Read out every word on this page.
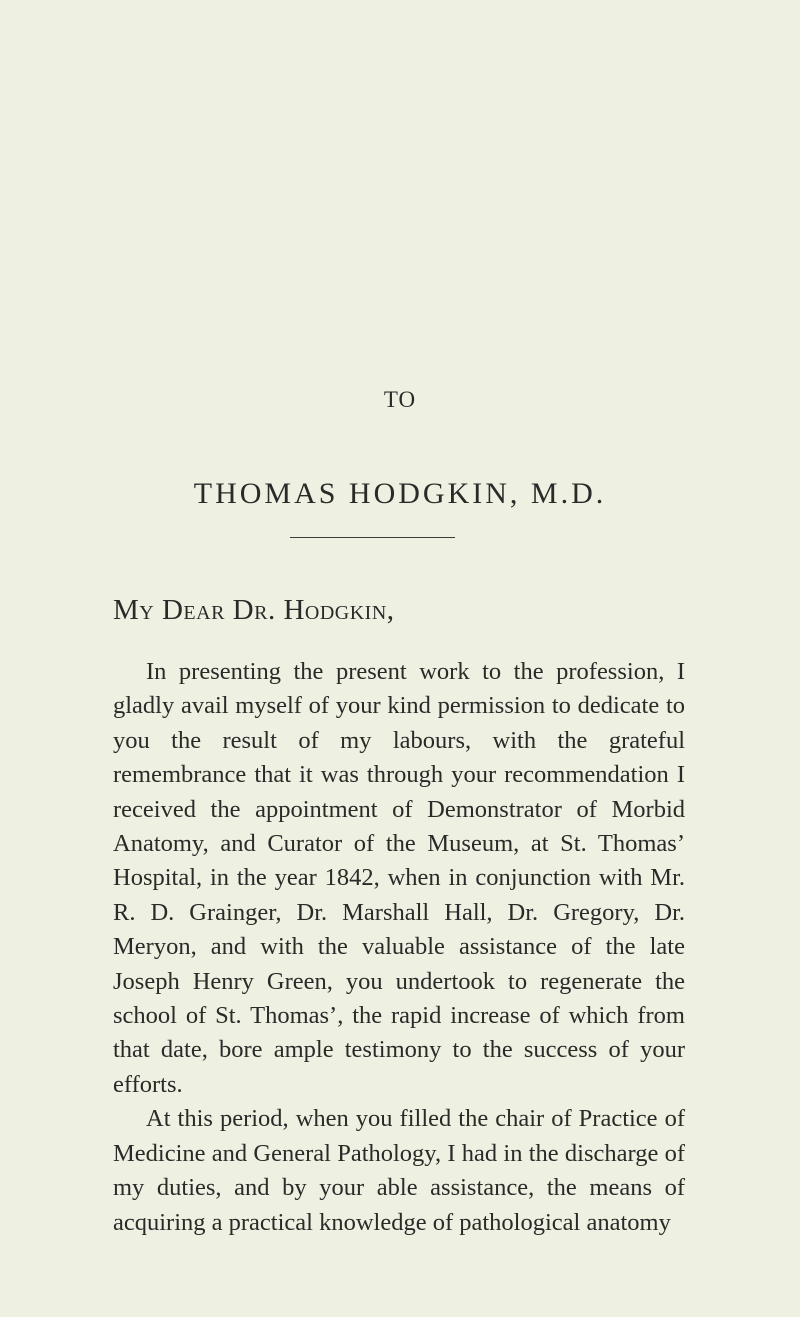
TO
THOMAS HODGKIN, M.D.
My Dear Dr. Hodgkin,

In presenting the present work to the profession, I gladly avail myself of your kind permission to dedicate to you the result of my labours, with the grateful remembrance that it was through your recommendation I received the appointment of Demonstrator of Morbid Anatomy, and Curator of the Museum, at St. Thomas’ Hospital, in the year 1842, when in conjunction with Mr. R. D. Grainger, Dr. Marshall Hall, Dr. Gregory, Dr. Meryon, and with the valuable assistance of the late Joseph Henry Green, you undertook to regenerate the school of St. Thomas’, the rapid increase of which from that date, bore ample testimony to the success of your efforts.

At this period, when you filled the chair of Practice of Medicine and General Pathology, I had in the discharge of my duties, and by your able assistance, the means of acquiring a practical knowledge of pathological anatomy
